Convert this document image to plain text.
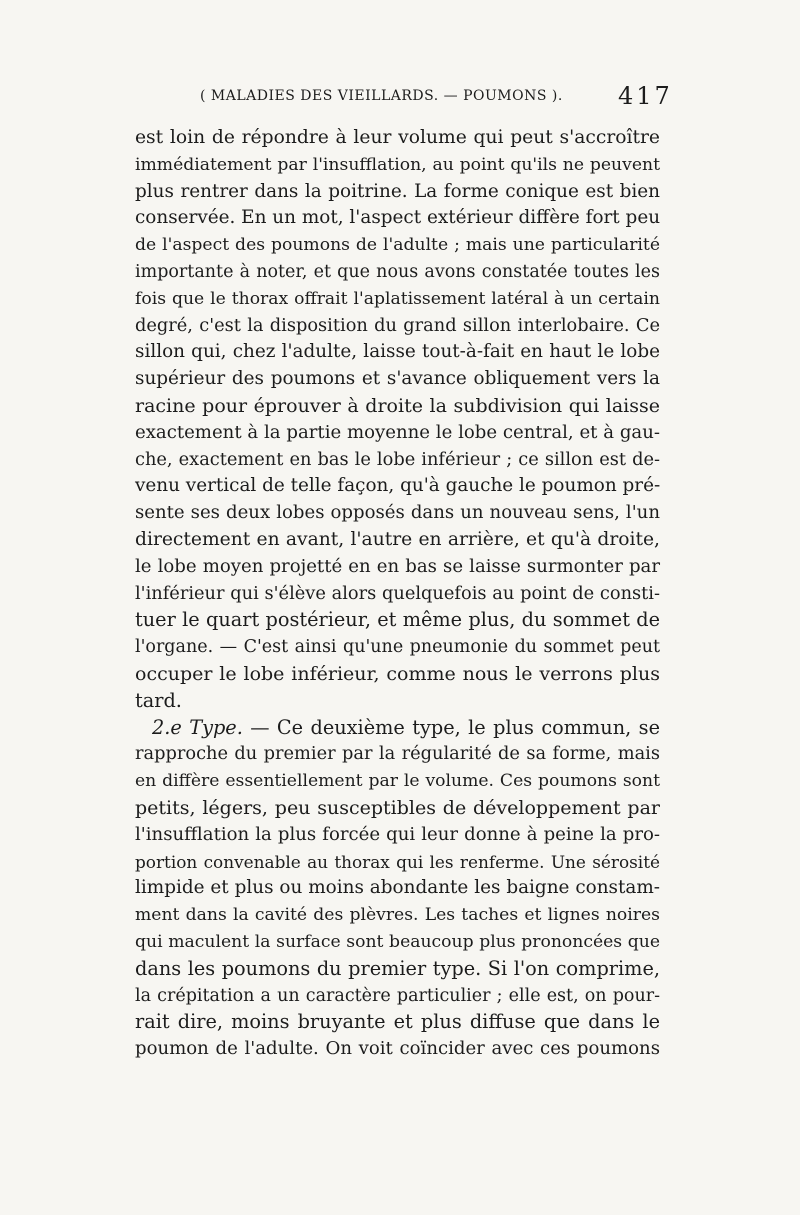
( MALADIES DES VIEILLARDS. — POUMONS ).	417
est loin de répondre à leur volume qui peut s'accroître
immédiatement par l'insufflation, au point qu'ils ne peuvent
plus rentrer dans la poitrine. La forme conique est bien
conservée. En un mot, l'aspect extérieur diffère fort peu
de l'aspect des poumons de l'adulte ; mais une particularité
importante à noter, et que nous avons constatée toutes les
fois que le thorax offrait l'aplatissement latéral à un certain
degré, c'est la disposition du grand sillon interlobaire. Ce
sillon qui, chez l'adulte, laisse tout-à-fait en haut le lobe
supérieur des poumons et s'avance obliquement vers la
racine pour éprouver à droite la subdivision qui laisse
exactement à la partie moyenne le lobe central, et à gau-
che, exactement en bas le lobe inférieur ; ce sillon est de-
venu vertical de telle façon, qu'à gauche le poumon pré-
sente ses deux lobes opposés dans un nouveau sens, l'un
directement en avant, l'autre en arrière, et qu'à droite,
le lobe moyen projetté en en bas se laisse surmonter par
l'inférieur qui s'élève alors quelquefois au point de consti-
tuer le quart postérieur, et même plus, du sommet de
l'organe. — C'est ainsi qu'une pneumonie du sommet peut
occuper le lobe inférieur, comme nous le verrons plus
tard.
2.e Type. — Ce deuxième type, le plus commun, se
rapproche du premier par la régularité de sa forme, mais
en diffère essentiellement par le volume. Ces poumons sont
petits, légers, peu susceptibles de développement par
l'insufflation la plus forcée qui leur donne à peine la pro-
portion convenable au thorax qui les renferme. Une sérosité
limpide et plus ou moins abondante les baigne constam-
ment dans la cavité des plèvres. Les taches et lignes noires
qui maculent la surface sont beaucoup plus prononcées que
dans les poumons du premier type. Si l'on comprime,
la crépitation a un caractère particulier ; elle est, on pour-
rait dire, moins bruyante et plus diffuse que dans le
poumon de l'adulte. On voit coïncider avec ces poumons
